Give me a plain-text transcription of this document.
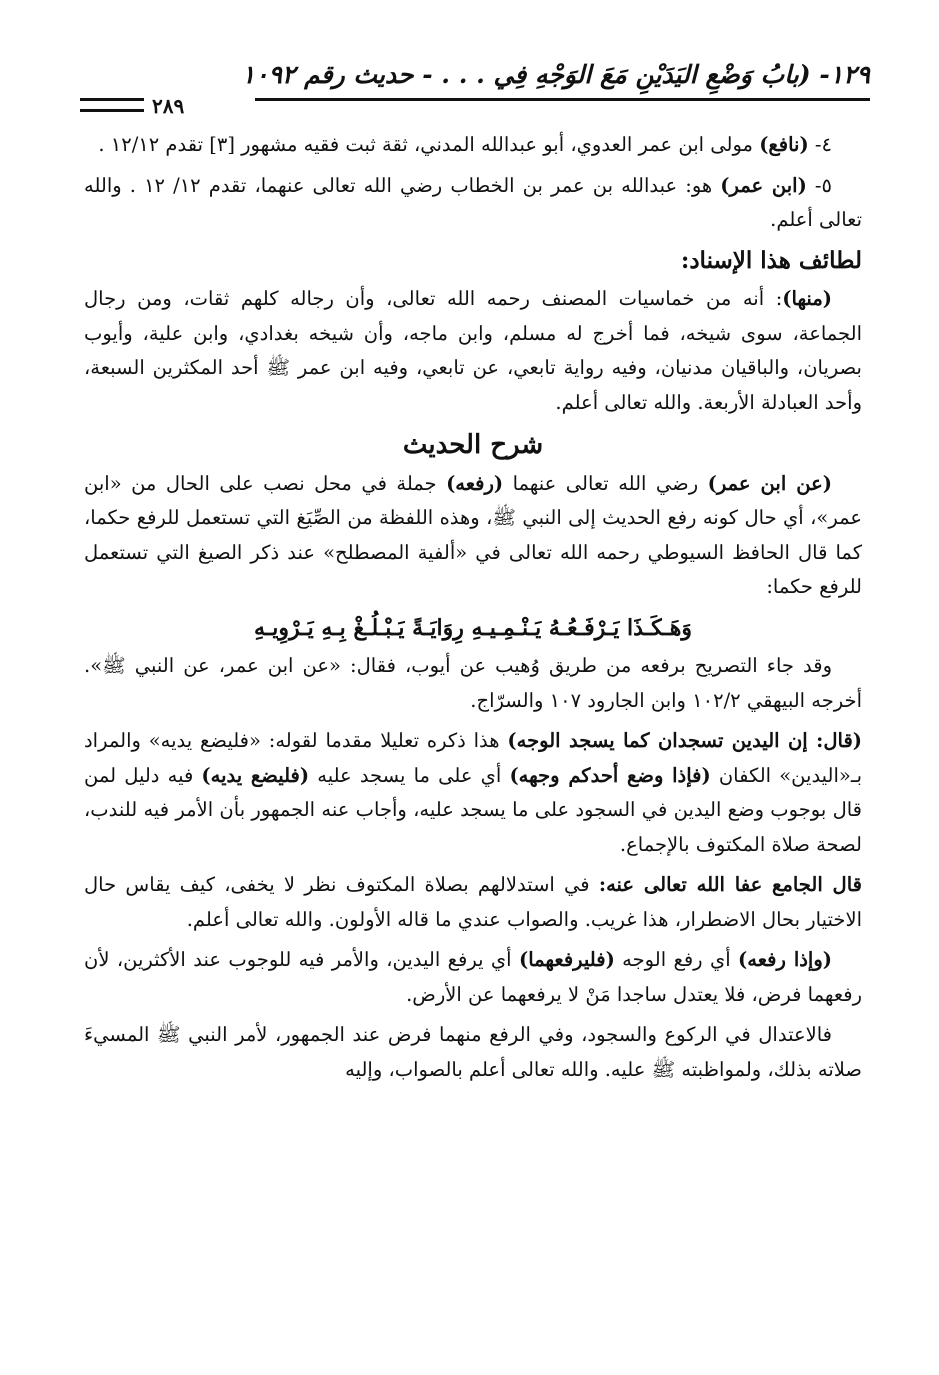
١٢٩- (بابُ وَضْعِ اليَدَيْنِ مَعَ الوَجْهِ فِي . . . - حديث رقم ١٠٩٢
٢٨٩

٤- (نافع) مولى ابن عمر العدوي، أبو عبدالله المدني، ثقة ثبت فقيه مشهور [٣] تقدم ١٢/١٢ .

٥- (ابن عمر) هو: عبدالله بن عمر بن الخطاب رضي الله تعالى عنهما، تقدم ١٢/ ١٢ . والله تعالى أعلم.

لطائف هذا الإسناد:

(منها): أنه من خماسيات المصنف رحمه الله تعالى، وأن رجاله كلهم ثقات، ومن رجال الجماعة، سوى شيخه، فما أخرج له مسلم، وابن ماجه، وأن شيخه بغدادي، وابن علية، وأيوب بصريان، والباقيان مدنيان، وفيه رواية تابعي، عن تابعي، وفيه ابن عمر ﷺ أحد المكثرين السبعة، وأحد العبادلة الأربعة. والله تعالى أعلم.

شرح الحديث

(عن ابن عمر) رضي الله تعالى عنهما (رفعه) جملة في محل نصب على الحال من «ابن عمر»، أي حال كونه رفع الحديث إلى النبي ﷺ، وهذه اللفظة من الصِّيَغ التي تستعمل للرفع حكما، كما قال الحافظ السيوطي رحمه الله تعالى في «ألفية المصطلح» عند ذكر الصيغ التي تستعمل للرفع حكما:

وَهَـكَـذَا يَـرْفَـعُـهُ يَـنْـمِـيـهِ رِوَايَـةً يَـبْـلُـغْ بِـهِ يَـرْوِيـهِ

وقد جاء التصريح برفعه من طريق وُهيب عن أيوب، فقال: «عن ابن عمر، عن النبي ﷺ». أخرجه البيهقي ١٠٢/٢ وابن الجارود ١٠٧ والسرّاج.

(قال: إن اليدين تسجدان كما يسجد الوجه) هذا ذكره تعليلا مقدما لقوله: «فليضع يديه» والمراد بـ«اليدين» الكفان (فإذا وضع أحدكم وجهه) أي على ما يسجد عليه (فليضع يديه) فيه دليل لمن قال بوجوب وضع اليدين في السجود على ما يسجد عليه، وأجاب عنه الجمهور بأن الأمر فيه للندب، لصحة صلاة المكتوف بالإجماع.

قال الجامع عفا الله تعالى عنه: في استدلالهم بصلاة المكتوف نظر لا يخفى، كيف يقاس حال الاختيار بحال الاضطرار، هذا غريب. والصواب عندي ما قاله الأولون. والله تعالى أعلم.

(وإذا رفعه) أي رفع الوجه (فليرفعهما) أي يرفع اليدين، والأمر فيه للوجوب عند الأكثرين، لأن رفعهما فرض، فلا يعتدل ساجدا مَنْ لا يرفعهما عن الأرض.

فالاعتدال في الركوع والسجود، وفي الرفع منهما فرض عند الجمهور، لأمر النبي ﷺ المسيءَ صلاته بذلك، ولمواظبته ﷺ عليه. والله تعالى أعلم بالصواب، وإليه
